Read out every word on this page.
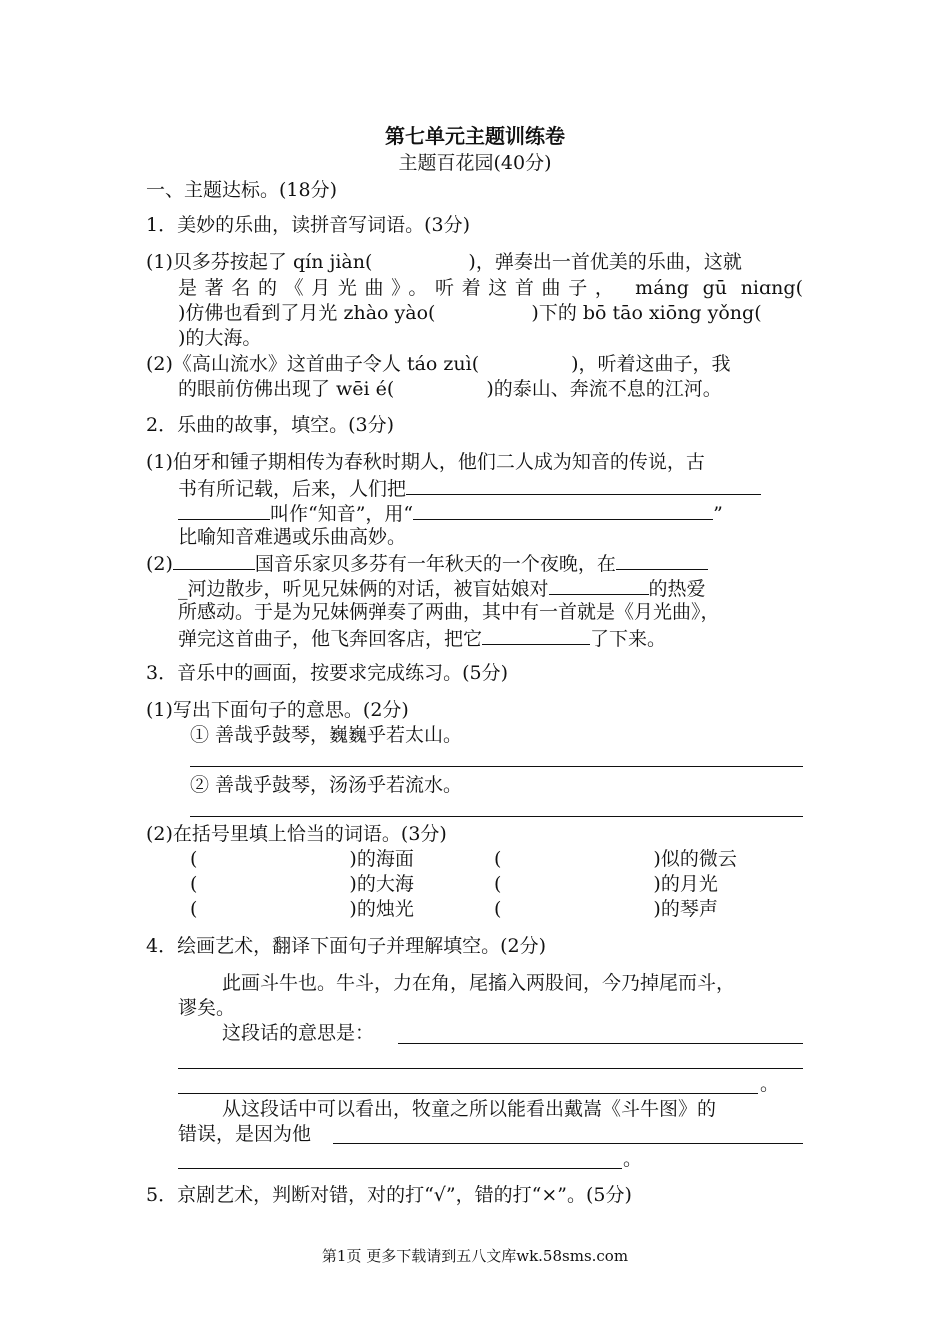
第七单元主题训练卷
主题百花园(40分)
一、主题达标。(18分)
1．美妙的乐曲，读拼音写词语。(3分)
(1)贝多芬按起了 qín jiàn(	)，弹奏出一首优美的乐曲，这就
是著名的《月光曲》。听着这首曲子， máng gū niɑng(
)仿佛也看到了月光 zhào yào(	)下的 bō tāo xiōng yǒng(
)的大海。
(2)《高山流水》这首曲子令人 táo zuì(	)，听着这曲子，我
的眼前仿佛出现了 wēi é(	)的泰山、奔流不息的江河。
2．乐曲的故事，填空。(3分)
(1)伯牙和锺子期相传为春秋时期人，他们二人成为知音的传说，古
书有所记载，后来，人们把
叫作“知音”，用“	”
比喻知音难遇或乐曲高妙。
(2)	国音乐家贝多芬有一年秋天的一个夜晚，在
_河边散步，听见兄妹俩的对话，被盲姑娘对	的热爱
所感动。于是为兄妹俩弹奏了两曲，其中有一首就是《月光曲》，
弹完这首曲子，他飞奔回客店，把它	了下来。
3．音乐中的画面，按要求完成练习。(5分)
(1)写出下面句子的意思。(2分)
① 善哉乎鼓琴，巍巍乎若太山。
② 善哉乎鼓琴，汤汤乎若流水。
(2)在括号里填上恰当的词语。(3分)
(	)的海面	(	)似的微云
(	)的大海	(	)的月光
(	)的烛光	(	)的琴声
4．绘画艺术，翻译下面句子并理解填空。(2分)
此画斗牛也。牛斗，力在角，尾搐入两股间，今乃掉尾而斗，
谬矣。
这段话的意思是：
。
从这段话中可以看出，牧童之所以能看出戴嵩《斗牛图》的
错误，是因为他
。
5．京剧艺术，判断对错，对的打“√”，错的打“×”。(5分)
第1页 更多下载请到五八文库wk.58sms.com
